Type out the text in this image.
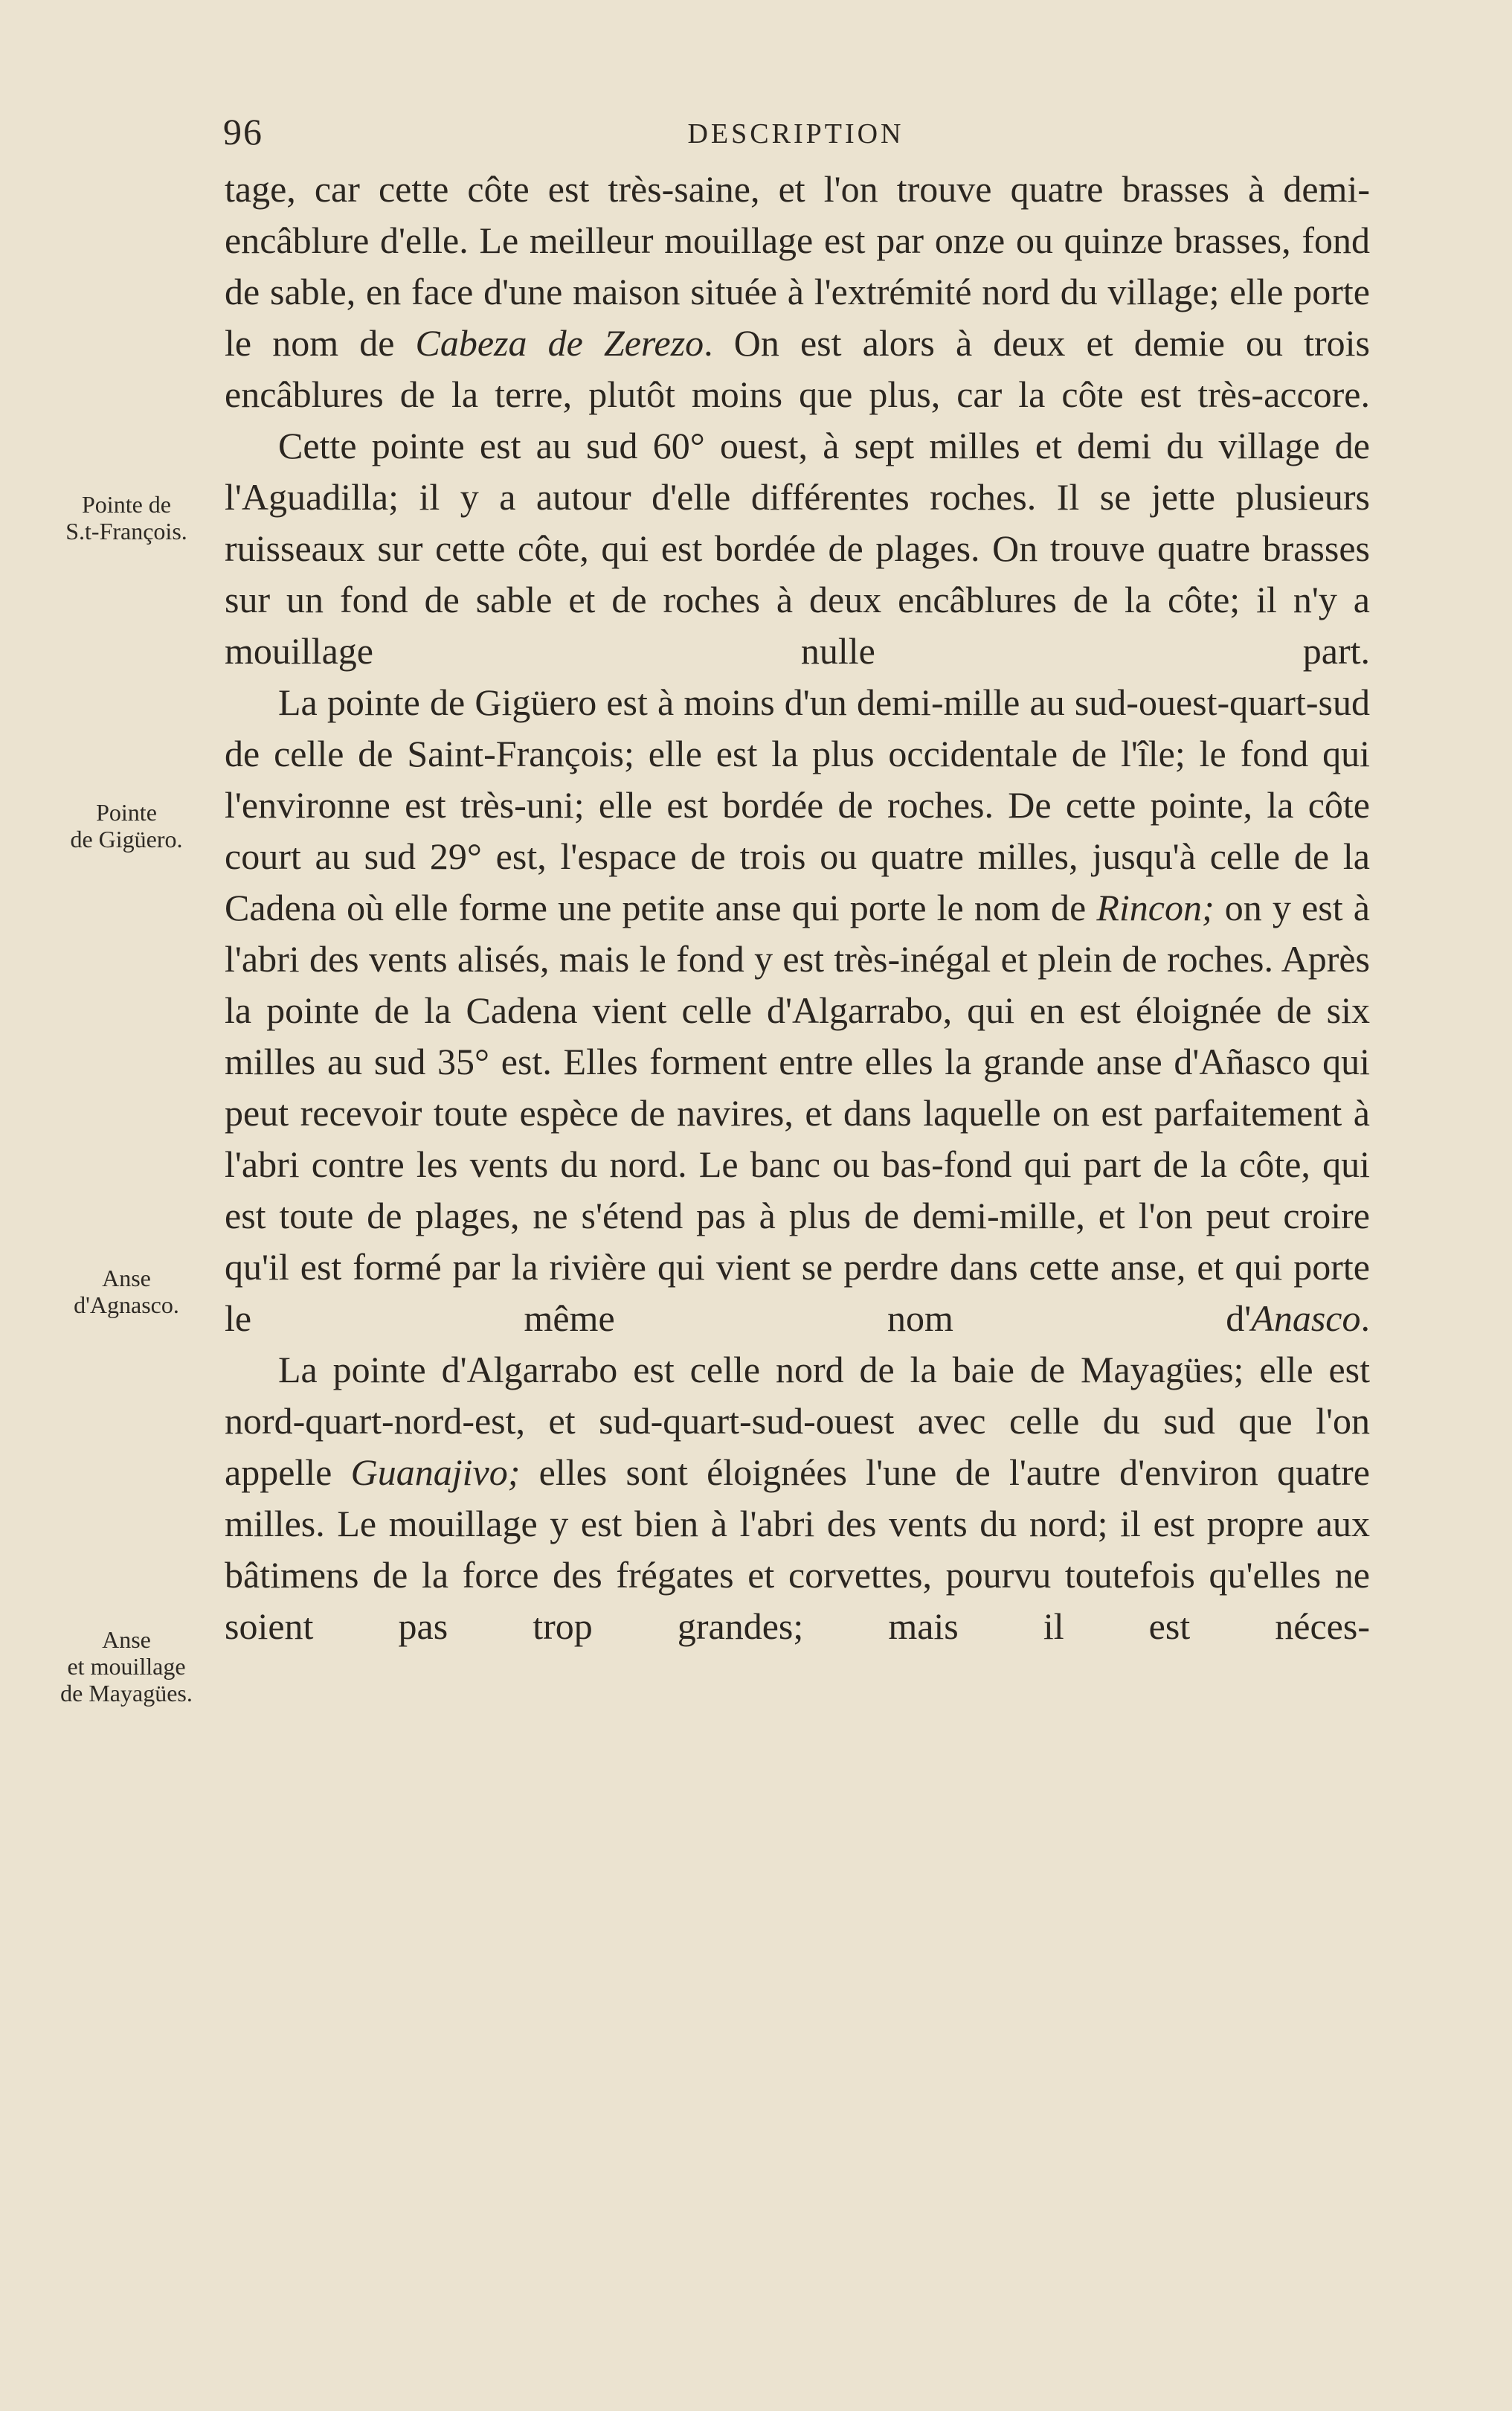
96	DESCRIPTION
Pointe de
S.t-François.
Pointe
de Gigüero.
Anse
d'Agnasco.
Anse
et mouillage
de Mayagües.

tage, car cette côte est très-saine, et l'on trouve quatre brasses à demi-encâblure d'elle. Le meilleur mouillage est par onze ou quinze brasses, fond de sable, en face d'une maison située à l'extrémité nord du village; elle porte le nom de Cabeza de Zerezo. On est alors à deux et demie ou trois encâblures de la terre, plutôt moins que plus, car la côte est très-accore.

Cette pointe est au sud 60° ouest, à sept milles et demi du village de l'Aguadilla; il y a autour d'elle différentes roches. Il se jette plusieurs ruisseaux sur cette côte, qui est bordée de plages. On trouve quatre brasses sur un fond de sable et de roches à deux encâblures de la côte; il n'y a mouillage nulle part.

La pointe de Gigüero est à moins d'un demi-mille au sud-ouest-quart-sud de celle de Saint-François; elle est la plus occidentale de l'île; le fond qui l'environne est très-uni; elle est bordée de roches. De cette pointe, la côte court au sud 29° est, l'espace de trois ou quatre milles, jusqu'à celle de la Cadena où elle forme une petite anse qui porte le nom de Rincon; on y est à l'abri des vents alisés, mais le fond y est très-inégal et plein de roches. Après la pointe de la Cadena vient celle d'Algarrabo, qui en est éloignée de six milles au sud 35° est. Elles forment entre elles la grande anse d'Añasco qui peut recevoir toute espèce de navires, et dans laquelle on est parfaitement à l'abri contre les vents du nord. Le banc ou bas-fond qui part de la côte, qui est toute de plages, ne s'étend pas à plus de demi-mille, et l'on peut croire qu'il est formé par la rivière qui vient se perdre dans cette anse, et qui porte le même nom d'Anasco.

La pointe d'Algarrabo est celle nord de la baie de Mayagües; elle est nord-quart-nord-est, et sud-quart-sud-ouest avec celle du sud que l'on appelle Guanajivo; elles sont éloignées l'une de l'autre d'environ quatre milles. Le mouillage y est bien à l'abri des vents du nord; il est propre aux bâtimens de la force des frégates et corvettes, pourvu toutefois qu'elles ne soient pas trop grandes; mais il est néces-
